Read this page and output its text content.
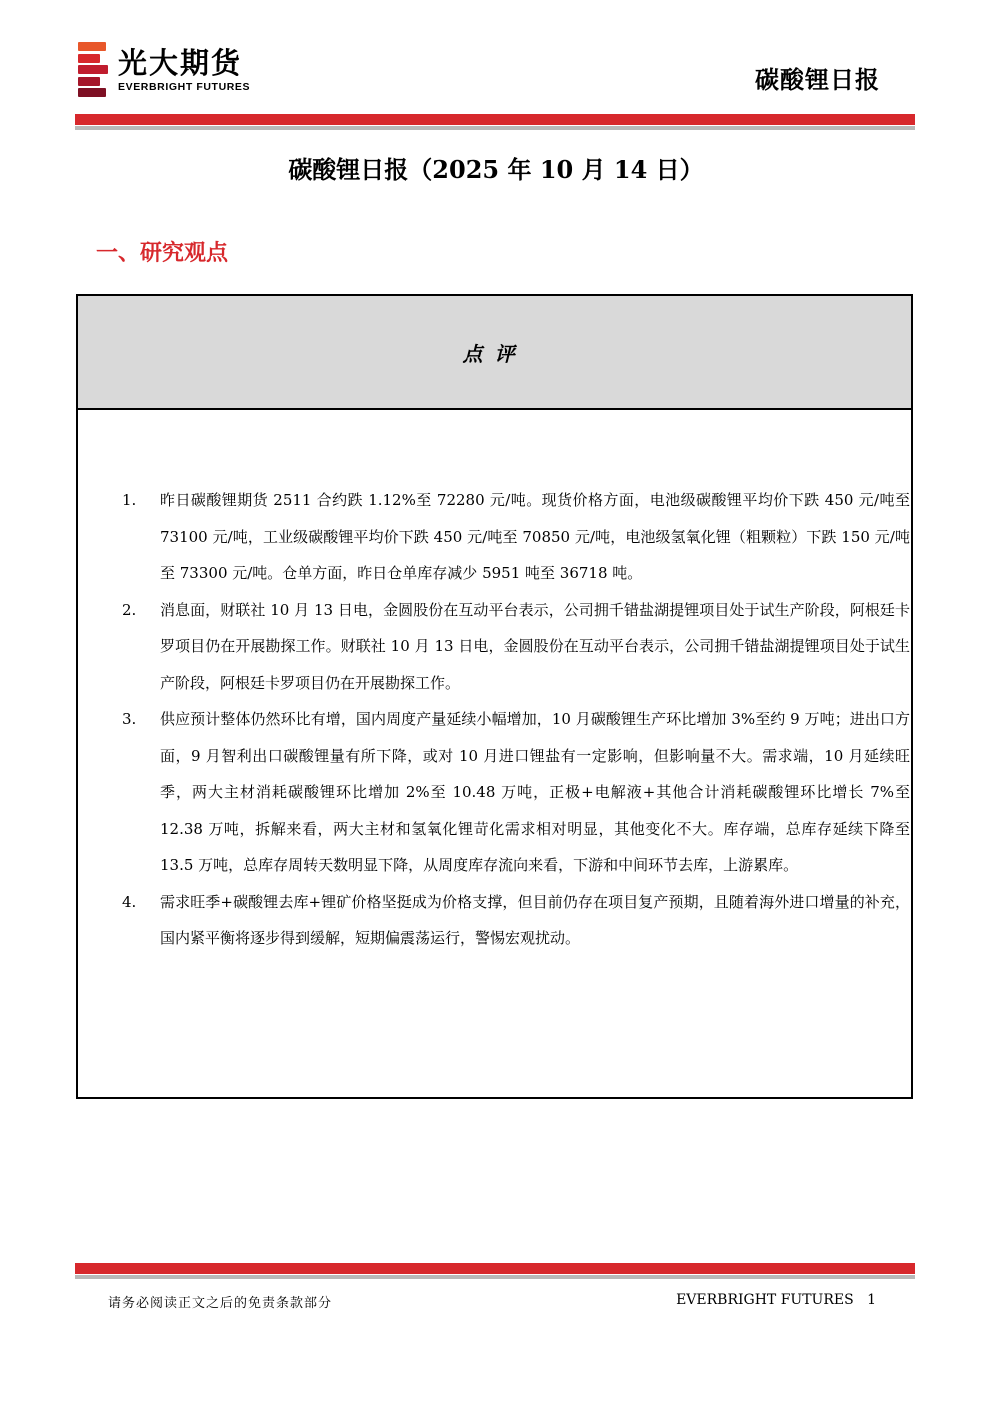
光大期货
EVERBRIGHT FUTURES	碳酸锂日报
碳酸锂日报（2025 年 10 月 14 日）
一、研究观点
点评
1. 昨日碳酸锂期货 2511 合约跌 1.12%至 72280 元/吨。现货价格方面，电池级碳酸锂平均价下跌 450 元/吨至 73100 元/吨，工业级碳酸锂平均价下跌 450 元/吨至 70850 元/吨，电池级氢氧化锂（粗颗粒）下跌 150 元/吨至 73300 元/吨。仓单方面，昨日仓单库存减少 5951 吨至 36718 吨。
2. 消息面，财联社 10 月 13 日电，金圆股份在互动平台表示，公司拥千错盐湖提锂项目处于试生产阶段，阿根廷卡罗项目仍在开展勘探工作。财联社 10 月 13 日电，金圆股份在互动平台表示，公司拥千错盐湖提锂项目处于试生产阶段，阿根廷卡罗项目仍在开展勘探工作。
3. 供应预计整体仍然环比有增，国内周度产量延续小幅增加，10 月碳酸锂生产环比增加 3%至约 9 万吨；进出口方面，9 月智利出口碳酸锂量有所下降，或对 10 月进口锂盐有一定影响，但影响量不大。需求端，10 月延续旺季，两大主材消耗碳酸锂环比增加 2%至 10.48 万吨，正极+电解液+其他合计消耗碳酸锂环比增长 7%至 12.38 万吨，拆解来看，两大主材和氢氧化锂苛化需求相对明显，其他变化不大。库存端，总库存延续下降至 13.5 万吨，总库存周转天数明显下降，从周度库存流向来看，下游和中间环节去库，上游累库。
4. 需求旺季+碳酸锂去库+锂矿价格坚挺成为价格支撑，但目前仍存在项目复产预期，且随着海外进口增量的补充，国内紧平衡将逐步得到缓解，短期偏震荡运行，警惕宏观扰动。
请务必阅读正文之后的免责条款部分	EVERBRIGHT FUTURES 1
